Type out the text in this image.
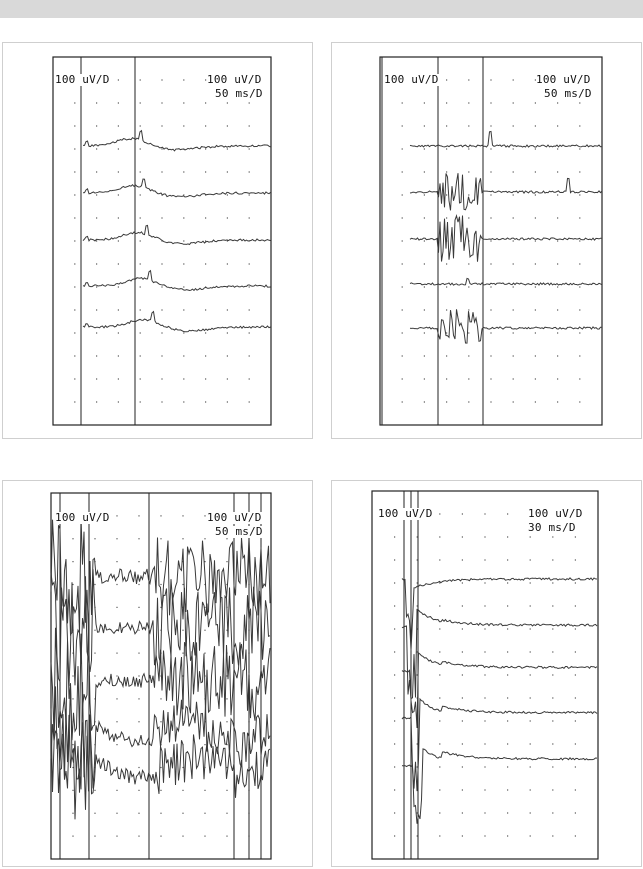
100 uV/D	100 uV/D
50 ms/D
100 uV/D	100 uV/D
50 ms/D
100 uV/D	100 uV/D
50 ms/D
100 uV/D	100 uV/D
30 ms/D
